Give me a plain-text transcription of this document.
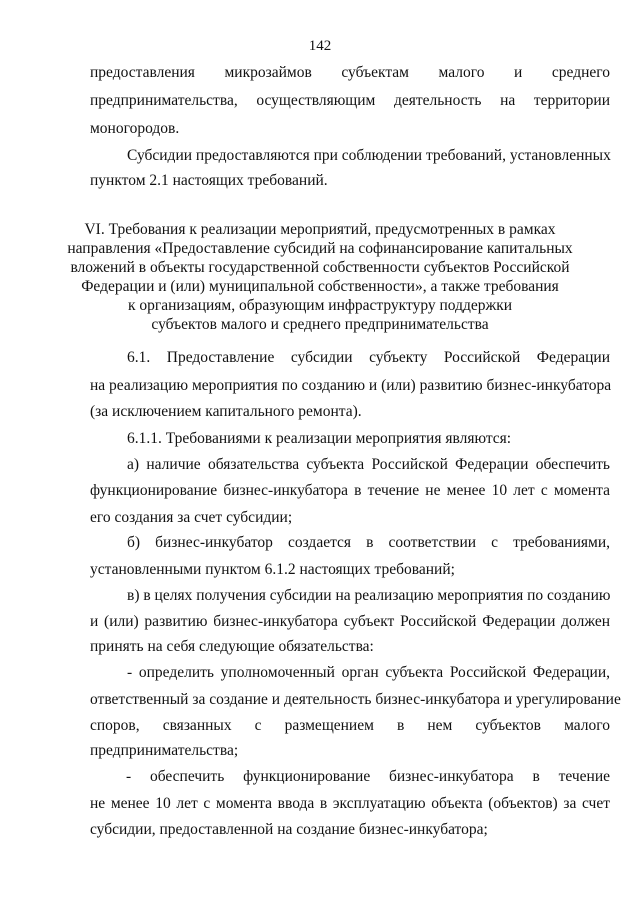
142
предоставления микрозаймов субъектам малого и среднего
предпринимательства, осуществляющим деятельность на территории
моногородов.
Субсидии предоставляются при соблюдении требований, установленных
пунктом 2.1 настоящих требований.
VI. Требования к реализации мероприятий, предусмотренных в рамках
направления «Предоставление субсидий на софинансирование капитальных
вложений в объекты государственной собственности субъектов Российской
Федерации и (или) муниципальной собственности», а также требования
к организациям, образующим инфраструктуру поддержки
субъектов малого и среднего предпринимательства
6.1. Предоставление субсидии субъекту Российской Федерации
на реализацию мероприятия по созданию и (или) развитию бизнес-инкубатора
(за исключением капитального ремонта).
6.1.1. Требованиями к реализации мероприятия являются:
а) наличие обязательства субъекта Российской Федерации обеспечить
функционирование бизнес-инкубатора в течение не менее 10 лет с момента
его создания за счет субсидии;
б) бизнес-инкубатор создается в соответствии с требованиями,
установленными пунктом 6.1.2 настоящих требований;
в) в целях получения субсидии на реализацию мероприятия по созданию
и (или) развитию бизнес-инкубатора субъект Российской Федерации должен
принять на себя следующие обязательства:
- определить уполномоченный орган субъекта Российской Федерации,
ответственный за создание и деятельность бизнес-инкубатора и урегулирование
споров, связанных с размещением в нем субъектов малого
предпринимательства;
- обеспечить функционирование бизнес-инкубатора в течение
не менее 10 лет с момента ввода в эксплуатацию объекта (объектов) за счет
субсидии, предоставленной на создание бизнес-инкубатора;
